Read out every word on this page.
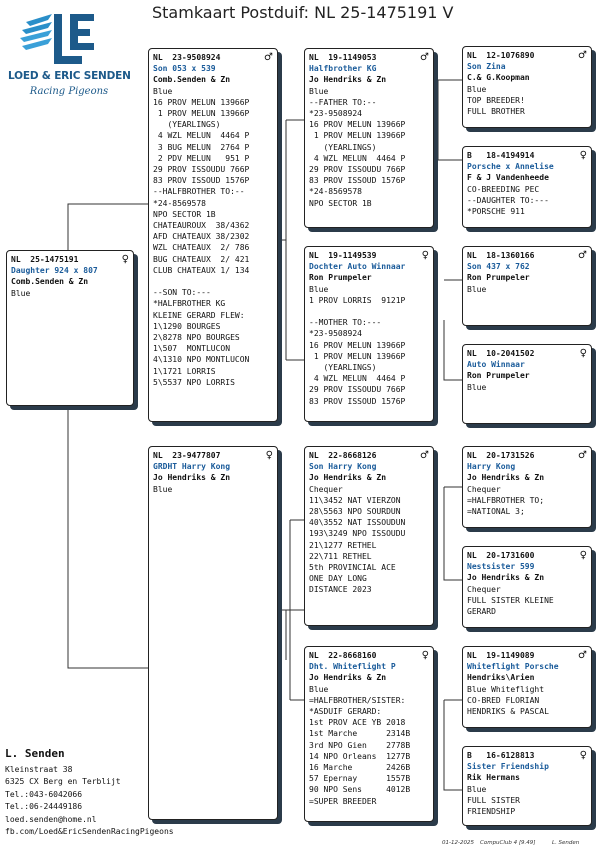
Stamkaart Postduif: NL 25-1475191 V
LOED & ERIC SENDEN
Racing Pigeons
NL  25-1475191	♀
Daughter 924 x 807
Comb.Senden & Zn
Blue
NL  23-9508924	♂
Son 053 x 539
Comb.Senden & Zn
Blue
16 PROV MELUN 13966P
1 PROV MELUN 13966P
(YEARLINGS)
4 WZL MELUN  4464 P
3 BUG MELUN  2764 P
2 PDV MELUN   951 P
29 PROV ISSOUDU 766P
83 PROV ISSOUD 1576P
--HALFBROTHER TO:--
*24-8569578
NPO SECTOR 1B
CHATEAUROUX  38/4362
AFD CHATEAUX 38/2302
WZL CHATEAUX  2/ 786
BUG CHATEAUX  2/ 421
CLUB CHATEAUX 1/ 134

--SON TO:---
*HALFBROTHER KG
KLEINE GERARD FLEW:
1\1290 BOURGES
2\8278 NPO BOURGES
1\507  MONTLUCON
4\1310 NPO MONTLUCON
1\1721 LORRIS
5\5537 NPO LORRIS
NL  23-9477807	♀
GRDHT Harry Kong
Jo Hendriks & Zn
Blue
NL  19-1149053	♂
Halfbrother KG
Jo Hendriks & Zn
Blue
--FATHER TO:--
*23-9508924
16 PROV MELUN 13966P
1 PROV MELUN 13966P
(YEARLINGS)
4 WZL MELUN  4464 P
29 PROV ISSOUDU 766P
83 PROV ISSOUD 1576P
*24-8569578
NPO SECTOR 1B
NL  19-1149539	♀
Dochter Auto Winnaar
Ron Prumpeler
Blue
1 PROV LORRIS  9121P

--MOTHER TO:---
*23-9508924
16 PROV MELUN 13966P
1 PROV MELUN 13966P
(YEARLINGS)
4 WZL MELUN  4464 P
29 PROV ISSOUDU 766P
83 PROV ISSOUD 1576P
NL  22-8668126	♂
Son Harry Kong
Jo Hendriks & Zn
Chequer
11\3452 NAT VIERZON
28\5563 NPO SOURDUN
40\3552 NAT ISSOUDUN
193\3249 NPO ISSOUDU
21\1277 RETHEL
22\711 RETHEL
5th PROVINCIAL ACE
ONE DAY LONG
DISTANCE 2023
NL  22-8668160	♀
Dht. Whiteflight P
Jo Hendriks & Zn
Blue
=HALFBROTHER/SISTER:
*ASDUIF GERARD:
1st PROV ACE YB 2018
1st Marche      2314B
3rd NPO Gien    2778B
14 NPO Orleans  1277B
16 Marche       2426B
57 Epernay      1557B
90 NPO Sens     4012B
=SUPER BREEDER
NL  12-1076890	♂
Son Zina
C.& G.Koopman
Blue
TOP BREEDER!
FULL BROTHER
B   18-4194914	♀
Porsche x Annelise
F & J Vandenheede
CO-BREEDING PEC
--DAUGHTER TO:---
*PORSCHE 911
NL  18-1360166	♂
Son 437 x 762
Ron Prumpeler
Blue
NL  10-2041502	♀
Auto Winnaar
Ron Prumpeler
Blue
NL  20-1731526	♂
Harry Kong
Jo Hendriks & Zn
Chequer
=HALFBROTHER TO;
=NATIONAL 3;
NL  20-1731600	♀
Nestsister 599
Jo Hendriks & Zn
Chequer
FULL SISTER KLEINE
GERARD
NL  19-1149089	♂
Whiteflight Porsche
Hendriks\Arien
Blue Whiteflight
CO-BRED FLORIAN
HENDRIKS & PASCAL
B   16-6128813	♀
Sister Friendship
Rik Hermans
Blue
FULL SISTER
FRIENDSHIP
L. Senden
Kleinstraat 38
6325 CX Berg en Terblijt
Tel.:043-6042066
Tel.:06-24449186
loed.senden@home.nl
fb.com/Loed&EricSendenRacingPigeons
01-12-2025 CompuClub 4 [9.49]	L. Senden
